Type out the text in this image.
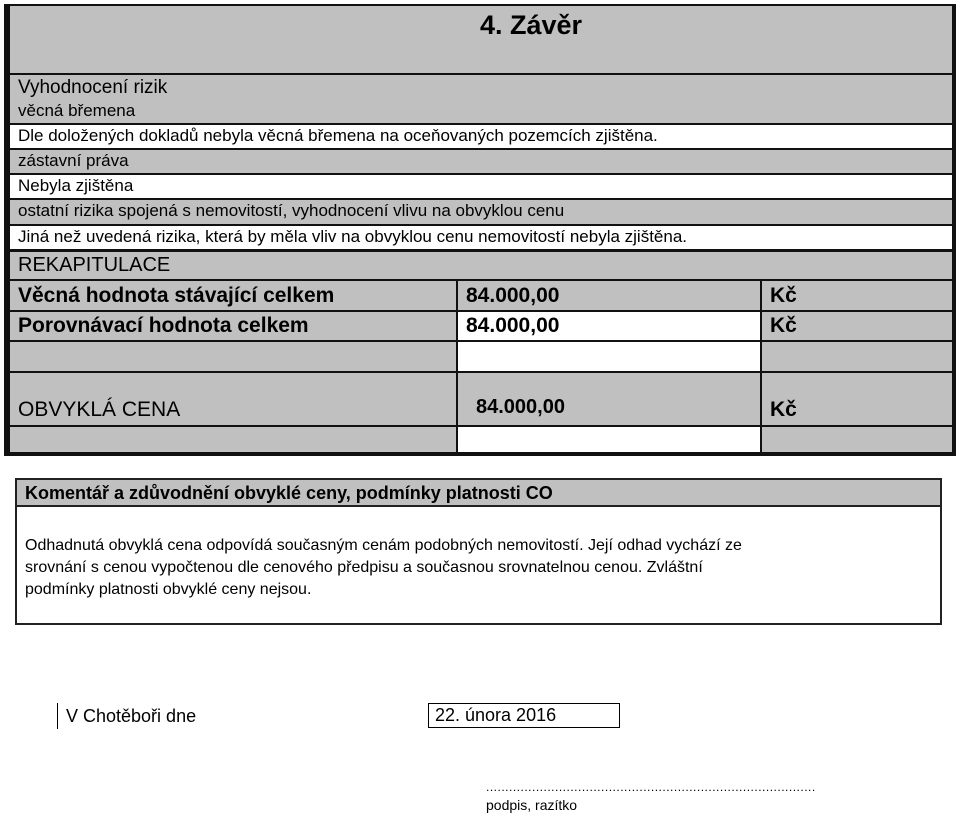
4. Závěr
Vyhodnocení rizik
věcná břemena
Dle doložených dokladů nebyla věcná břemena na oceňovaných pozemcích zjištěna.
zástavní práva
Nebyla zjištěna
ostatní rizika spojená s nemovitostí, vyhodnocení vlivu na obvyklou cenu
Jiná než uvedená rizika, která by měla vliv na obvyklou cenu nemovitostí nebyla zjištěna.
REKAPITULACE
Věcná hodnota stávající celkem	84.000,00	Kč
Porovnávací hodnota celkem	84.000,00	Kč
OBVYKLÁ CENA	84.000,00	Kč
Komentář a zdůvodnění obvyklé ceny, podmínky platnosti CO
Odhadnutá obvyklá cena odpovídá současným cenám podobných nemovitostí. Její odhad vychází ze
srovnání s cenou vypočtenou dle cenového předpisu a současnou srovnatelnou cenou. Zvláštní
podmínky platnosti obvyklé ceny nejsou.
V Chotěboři dne	22. února 2016
......................................................................................
podpis, razítko
